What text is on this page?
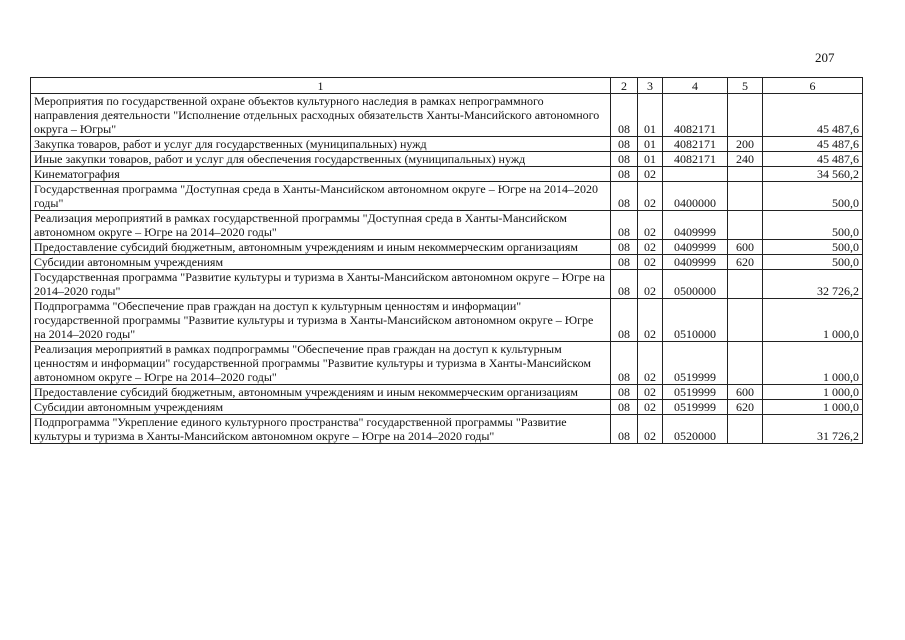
207
1	2	3	4	5	6
Мероприятия по государственной охране объектов культурного наследия в рамках непрограммного направления деятельности "Исполнение отдельных расходных обязательств Ханты-Мансийского автономного округа – Югры"	08	01	4082171		45 487,6
Закупка товаров, работ и услуг для государственных (муниципальных) нужд	08	01	4082171	200	45 487,6
Иные закупки товаров, работ и услуг для обеспечения государственных (муниципальных) нужд	08	01	4082171	240	45 487,6
Кинематография	08	02			34 560,2
Государственная программа "Доступная среда в Ханты-Мансийском автономном округе – Югре на 2014–2020 годы"	08	02	0400000		500,0
Реализация мероприятий в рамках государственной программы "Доступная среда в Ханты-Мансийском автономном округе – Югре на 2014–2020 годы"	08	02	0409999		500,0
Предоставление субсидий бюджетным, автономным учреждениям и иным некоммерческим организациям	08	02	0409999	600	500,0
Субсидии автономным учреждениям	08	02	0409999	620	500,0
Государственная программа "Развитие культуры и туризма в Ханты-Мансийском автономном округе – Югре на 2014–2020 годы"	08	02	0500000		32 726,2
Подпрограмма "Обеспечение прав граждан на доступ к культурным ценностям и информации" государственной программы "Развитие культуры и туризма в Ханты-Мансийском автономном округе – Югре на 2014–2020 годы"	08	02	0510000		1 000,0
Реализация мероприятий в рамках подпрограммы "Обеспечение прав граждан на доступ к культурным ценностям и информации" государственной программы "Развитие культуры и туризма в Ханты-Мансийском автономном округе – Югре на 2014–2020 годы"	08	02	0519999		1 000,0
Предоставление субсидий бюджетным, автономным учреждениям и иным некоммерческим организациям	08	02	0519999	600	1 000,0
Субсидии автономным учреждениям	08	02	0519999	620	1 000,0
Подпрограмма "Укрепление единого культурного пространства" государственной программы "Развитие культуры и туризма в Ханты-Мансийском автономном округе – Югре на 2014–2020 годы"	08	02	0520000		31 726,2
